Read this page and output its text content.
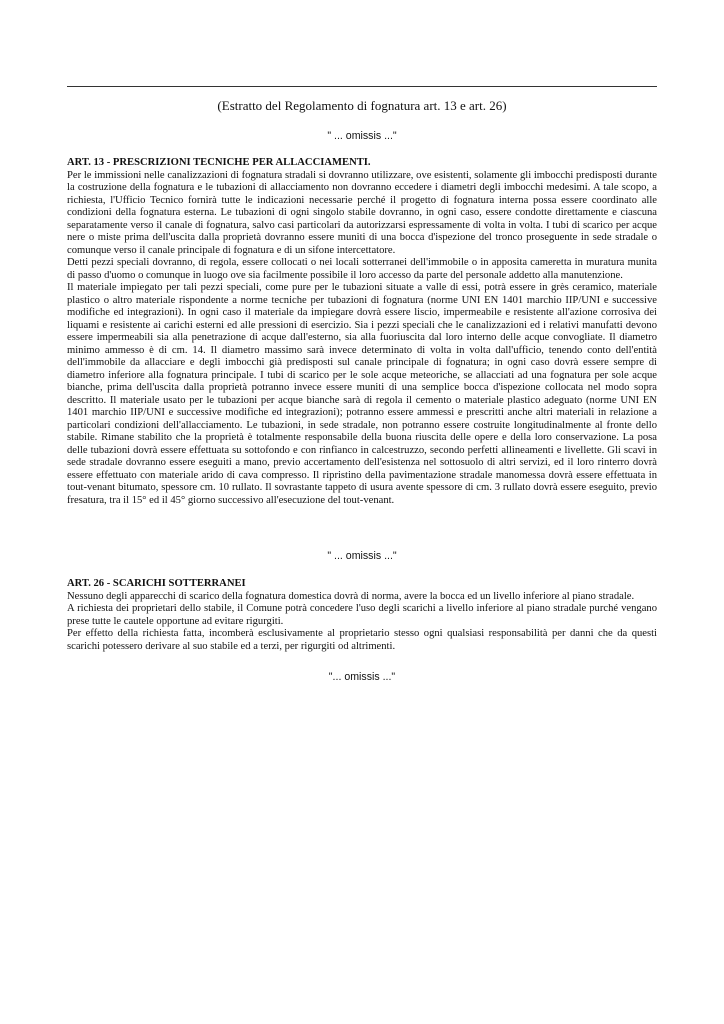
(Estratto del Regolamento di fognatura art. 13 e art. 26)
" ... omissis ..."
ART. 13 - PRESCRIZIONI TECNICHE PER ALLACCIAMENTI.

Per le immissioni nelle canalizzazioni di fognatura stradali si dovranno utilizzare, ove esistenti, solamente gli imbocchi predisposti durante la costruzione della fognatura e le tubazioni di allacciamento non dovranno eccedere i diametri degli imbocchi medesimi. A tale scopo, a richiesta, l'Ufficio Tecnico fornirà tutte le indicazioni necessarie perché il progetto di fognatura interna possa essere coordinato alle condizioni della fognatura esterna. Le tubazioni di ogni singolo stabile dovranno, in ogni caso, essere condotte direttamente e ciascuna separatamente verso il canale di fognatura, salvo casi particolari da autorizzarsi espressamente di volta in volta. I tubi di scarico per acque nere o miste prima dell'uscita dalla proprietà dovranno essere muniti di una bocca d'ispezione del tronco proseguente in sede stradale o comunque verso il canale principale di fognatura e di un sifone intercettatore.

Detti pezzi speciali dovranno, di regola, essere collocati o nei locali sotterranei dell'immobile o in apposita cameretta in muratura munita di passo d'uomo o comunque in luogo ove sia facilmente possibile il loro accesso da parte del personale addetto alla manutenzione.

Il materiale impiegato per tali pezzi speciali, come pure per le tubazioni situate a valle di essi, potrà essere in grès ceramico, materiale plastico o altro materiale rispondente a norme tecniche per tubazioni di fognatura (norme UNI EN 1401 marchio IIP/UNI e successive modifiche ed integrazioni). In ogni caso il materiale da impiegare dovrà essere liscio, impermeabile e resistente all'azione corrosiva dei liquami e resistente ai carichi esterni ed alle pressioni di esercizio. Sia i pezzi speciali che le canalizzazioni ed i relativi manufatti devono essere impermeabili sia alla penetrazione di acque dall'esterno, sia alla fuoriuscita dal loro interno delle acque convogliate. Il diametro minimo ammesso è di cm. 14. Il diametro massimo sarà invece determinato di volta in volta dall'ufficio, tenendo conto dell'entità dell'immobile da allacciare e degli imbocchi già predisposti sul canale principale di fognatura; in ogni caso dovrà essere sempre di diametro inferiore alla fognatura principale. I tubi di scarico per le sole acque meteoriche, se allacciati ad una fognatura per sole acque bianche, prima dell'uscita dalla proprietà potranno invece essere muniti di una semplice bocca d'ispezione collocata nel modo sopra descritto. Il materiale usato per le tubazioni per acque bianche sarà di regola il cemento o materiale plastico adeguato (norme UNI EN 1401 marchio IIP/UNI e successive modifiche ed integrazioni); potranno essere ammessi e prescritti anche altri materiali in relazione a particolari condizioni dell'allacciamento. Le tubazioni, in sede stradale, non potranno essere costruite longitudinalmente al fronte dello stabile. Rimane stabilito che la proprietà è totalmente responsabile della buona riuscita delle opere e della loro conservazione. La posa delle tubazioni dovrà essere effettuata su sottofondo e con rinfianco in calcestruzzo, secondo perfetti allineamenti e livellette. Gli scavi in sede stradale dovranno essere eseguiti a mano, previo accertamento dell'esistenza nel sottosuolo di altri servizi, ed il loro rinterro dovrà essere effettuato con materiale arido di cava compresso. Il ripristino della pavimentazione stradale manomessa dovrà essere effettuata in tout-venant bitumato, spessore cm. 10 rullato. Il sovrastante tappeto di usura avente spessore di cm. 3 rullato dovrà essere eseguito, previo fresatura, tra il 15° ed il 45° giorno successivo all'esecuzione del tout-venant.

" ... omissis ..."
ART. 26 - SCARICHI SOTTERRANEI

Nessuno degli apparecchi di scarico della fognatura domestica dovrà di norma, avere la bocca ed un livello inferiore al piano stradale.

A richiesta dei proprietari dello stabile, il Comune potrà concedere l'uso degli scarichi a livello inferiore al piano stradale purché vengano prese tutte le cautele opportune ad evitare rigurgiti.

Per effetto della richiesta fatta, incomberà esclusivamente al proprietario stesso ogni qualsiasi responsabilità per danni che da questi scarichi potessero derivare al suo stabile ed a terzi, per rigurgiti od altrimenti.

"... omissis ..."
